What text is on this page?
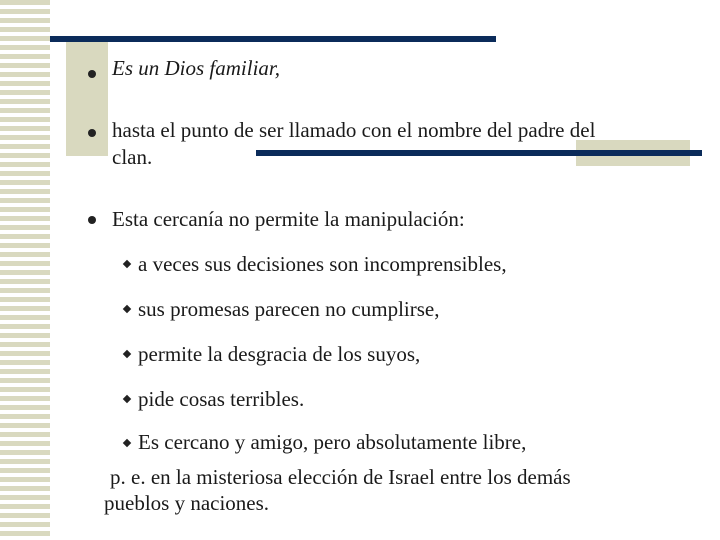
Es un Dios familiar,
hasta el punto de ser llamado con el nombre del padre del
clan.
Esta cercanía no permite la manipulación:
a veces sus decisiones son incomprensibles,
sus promesas parecen no cumplirse,
permite la desgracia de los suyos,
pide cosas terribles.
Es cercano y amigo, pero absolutamente libre,
p. e. en la misteriosa elección de Israel entre los demás
pueblos y naciones.
